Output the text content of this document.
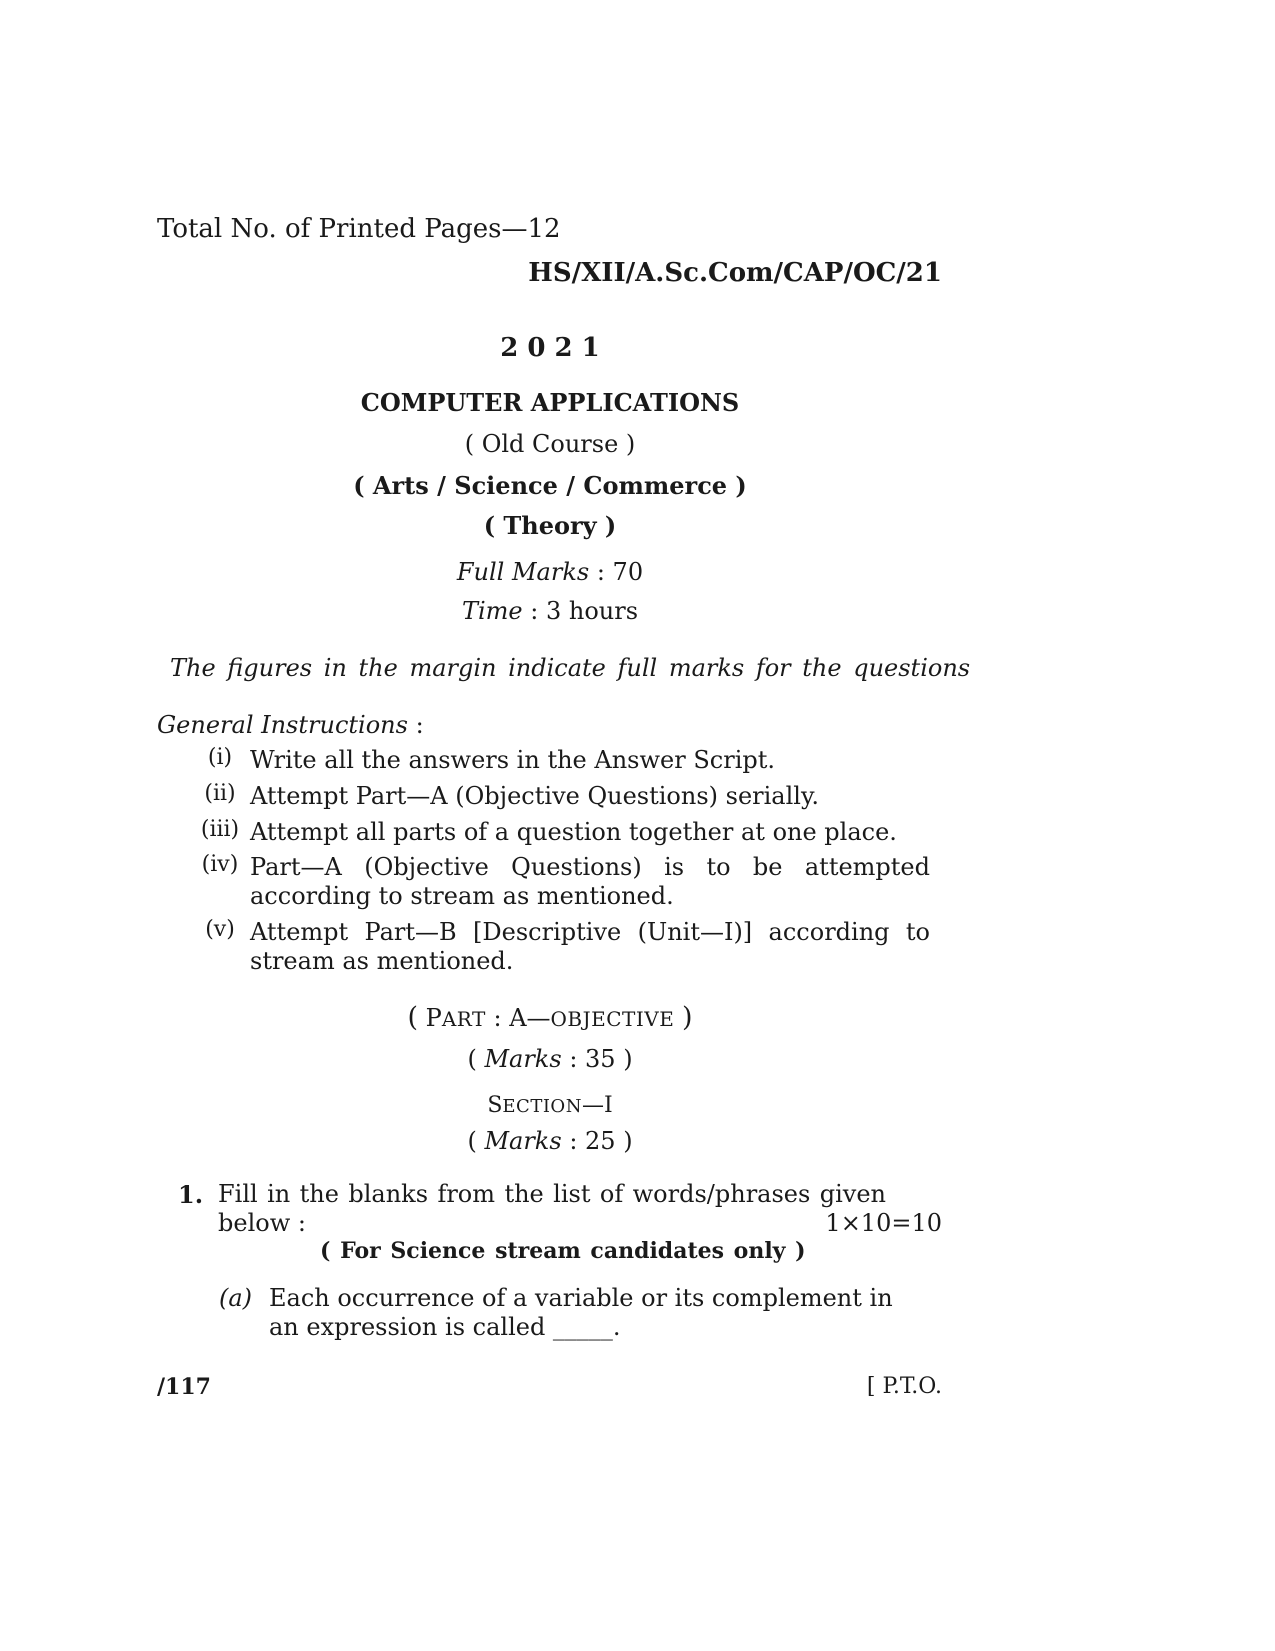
Total No. of Printed Pages—12
HS/XII/A.Sc.Com/CAP/OC/21
2 0 2 1
COMPUTER APPLICATIONS
( Old Course )
( Arts / Science / Commerce )
( Theory )
Full Marks : 70
Time : 3 hours
The figures in the margin indicate full marks for the questions
General Instructions :
(i) Write all the answers in the Answer Script.
(ii) Attempt Part—A (Objective Questions) serially.
(iii) Attempt all parts of a question together at one place.
(iv) Part—A (Objective Questions) is to be attempted
according to stream as mentioned.
(v) Attempt Part—B [Descriptive (Unit—I)] according to
stream as mentioned.
( PART : A—OBJECTIVE )
( Marks : 35 )
SECTION—I
( Marks : 25 )
1. Fill in the blanks from the list of words/phrases given
below :	1×10=10
( For Science stream candidates only )
(a) Each occurrence of a variable or its complement in
an expression is called _____.
/117	[ P.T.O.
